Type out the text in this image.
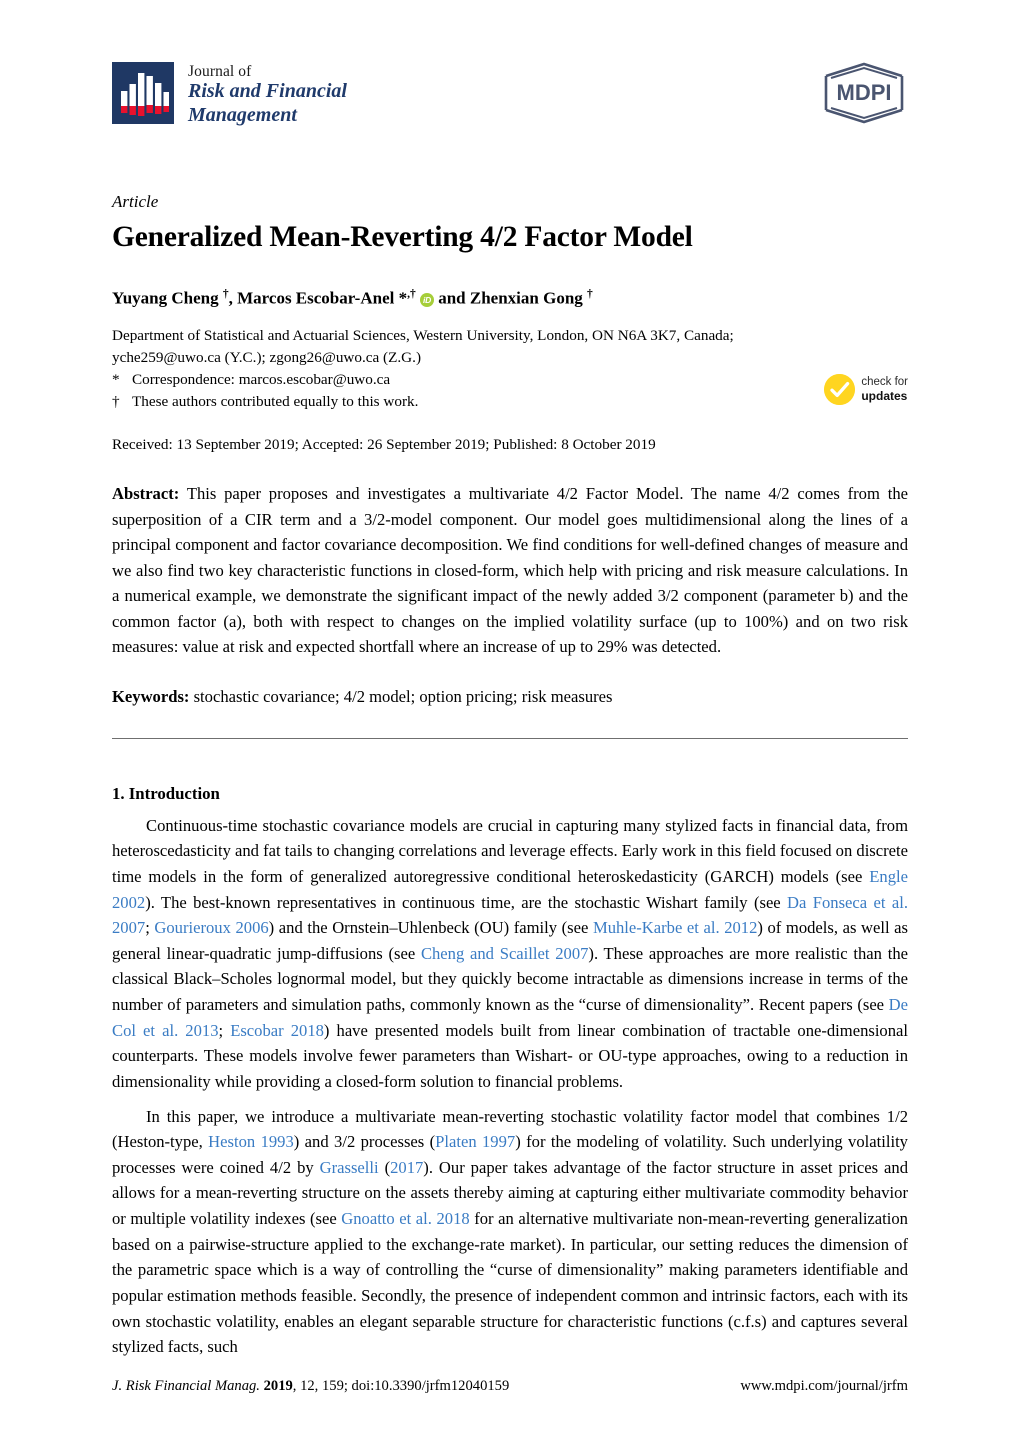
Journal of
Risk and Financial
Management
MDPI
Article
Generalized Mean-Reverting 4/2 Factor Model
Yuyang Cheng †, Marcos Escobar-Anel *,† iD and Zhenxian Gong †
Department of Statistical and Actuarial Sciences, Western University, London, ON N6A 3K7, Canada;
yche259@uwo.ca (Y.C.); zgong26@uwo.ca (Z.G.)
* Correspondence: marcos.escobar@uwo.ca
† These authors contributed equally to this work.
Received: 13 September 2019; Accepted: 26 September 2019; Published: 8 October 2019
check for
updates
Abstract: This paper proposes and investigates a multivariate 4/2 Factor Model. The name 4/2 comes from the superposition of a CIR term and a 3/2-model component. Our model goes multidimensional along the lines of a principal component and factor covariance decomposition. We find conditions for well-defined changes of measure and we also find two key characteristic functions in closed-form, which help with pricing and risk measure calculations. In a numerical example, we demonstrate the significant impact of the newly added 3/2 component (parameter b) and the common factor (a), both with respect to changes on the implied volatility surface (up to 100%) and on two risk measures: value at risk and expected shortfall where an increase of up to 29% was detected.
Keywords: stochastic covariance; 4/2 model; option pricing; risk measures
1. Introduction

Continuous-time stochastic covariance models are crucial in capturing many stylized facts in financial data, from heteroscedasticity and fat tails to changing correlations and leverage effects. Early work in this field focused on discrete time models in the form of generalized autoregressive conditional heteroskedasticity (GARCH) models (see Engle 2002). The best-known representatives in continuous time, are the stochastic Wishart family (see Da Fonseca et al. 2007; Gourieroux 2006) and the Ornstein–Uhlenbeck (OU) family (see Muhle-Karbe et al. 2012) of models, as well as general linear-quadratic jump-diffusions (see Cheng and Scaillet 2007). These approaches are more realistic than the classical Black–Scholes lognormal model, but they quickly become intractable as dimensions increase in terms of the number of parameters and simulation paths, commonly known as the “curse of dimensionality”. Recent papers (see De Col et al. 2013; Escobar 2018) have presented models built from linear combination of tractable one-dimensional counterparts. These models involve fewer parameters than Wishart- or OU-type approaches, owing to a reduction in dimensionality while providing a closed-form solution to financial problems.

In this paper, we introduce a multivariate mean-reverting stochastic volatility factor model that combines 1/2 (Heston-type, Heston 1993) and 3/2 processes (Platen 1997) for the modeling of volatility. Such underlying volatility processes were coined 4/2 by Grasselli (2017). Our paper takes advantage of the factor structure in asset prices and allows for a mean-reverting structure on the assets thereby aiming at capturing either multivariate commodity behavior or multiple volatility indexes (see Gnoatto et al. 2018 for an alternative multivariate non-mean-reverting generalization based on a pairwise-structure applied to the exchange-rate market). In particular, our setting reduces the dimension of the parametric space which is a way of controlling the “curse of dimensionality” making parameters identifiable and popular estimation methods feasible. Secondly, the presence of independent common and intrinsic factors, each with its own stochastic volatility, enables an elegant separable structure for characteristic functions (c.f.s) and captures several stylized facts, such

J. Risk Financial Manag. 2019, 12, 159; doi:10.3390/jrfm12040159	www.mdpi.com/journal/jrfm
